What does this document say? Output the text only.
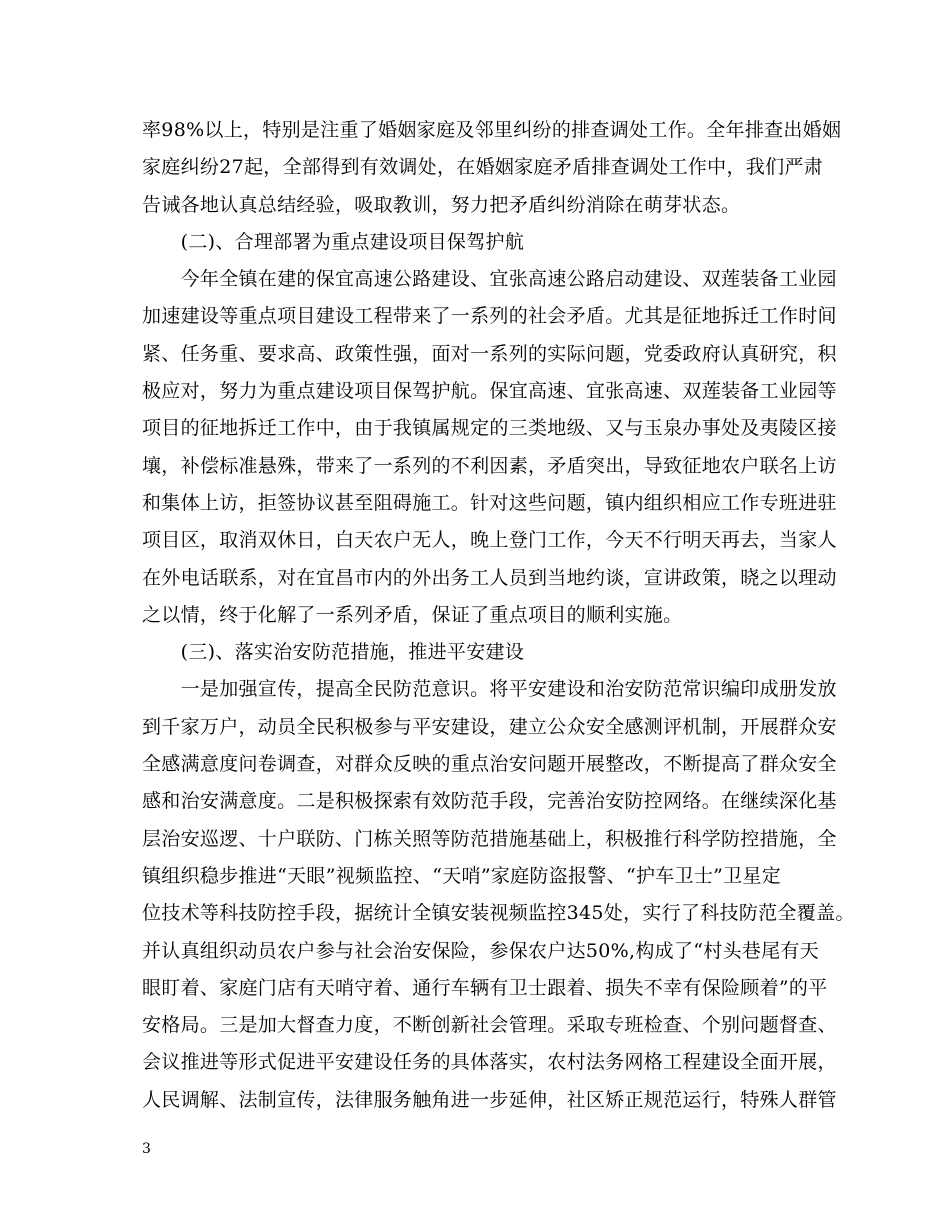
率98%以上，特别是注重了婚姻家庭及邻里纠纷的排查调处工作。全年排查出婚姻
家庭纠纷27起，全部得到有效调处，在婚姻家庭矛盾排查调处工作中，我们严肃
告诫各地认真总结经验，吸取教训，努力把矛盾纠纷消除在萌芽状态。
　　(二)、合理部署为重点建设项目保驾护航
　　今年全镇在建的保宜高速公路建设、宜张高速公路启动建设、双莲装备工业园
加速建设等重点项目建设工程带来了一系列的社会矛盾。尤其是征地拆迁工作时间
紧、任务重、要求高、政策性强，面对一系列的实际问题，党委政府认真研究，积
极应对，努力为重点建设项目保驾护航。保宜高速、宜张高速、双莲装备工业园等
项目的征地拆迁工作中，由于我镇属规定的三类地级、又与玉泉办事处及夷陵区接
壤，补偿标准悬殊，带来了一系列的不利因素，矛盾突出，导致征地农户联名上访
和集体上访，拒签协议甚至阻碍施工。针对这些问题，镇内组织相应工作专班进驻
项目区，取消双休日，白天农户无人，晚上登门工作，今天不行明天再去，当家人
在外电话联系，对在宜昌市内的外出务工人员到当地约谈，宣讲政策，晓之以理动
之以情，终于化解了一系列矛盾，保证了重点项目的顺利实施。
　　(三)、落实治安防范措施，推进平安建设
　　一是加强宣传，提高全民防范意识。将平安建设和治安防范常识编印成册发放
到千家万户，动员全民积极参与平安建设，建立公众安全感测评机制，开展群众安
全感满意度问卷调查，对群众反映的重点治安问题开展整改，不断提高了群众安全
感和治安满意度。二是积极探索有效防范手段，完善治安防控网络。在继续深化基
层治安巡逻、十户联防、门栋关照等防范措施基础上，积极推行科学防控措施，全
镇组织稳步推进“天眼”视频监控、“天哨”家庭防盗报警、“护车卫士”卫星定
位技术等科技防控手段，据统计全镇安装视频监控345处，实行了科技防范全覆盖。
并认真组织动员农户参与社会治安保险，参保农户达50%,构成了“村头巷尾有天
眼盯着、家庭门店有天哨守着、通行车辆有卫士跟着、损失不幸有保险顾着”的平
安格局。三是加大督查力度，不断创新社会管理。采取专班检查、个别问题督查、
会议推进等形式促进平安建设任务的具体落实，农村法务网格工程建设全面开展，
人民调解、法制宣传，法律服务触角进一步延伸，社区矫正规范运行，特殊人群管
3
